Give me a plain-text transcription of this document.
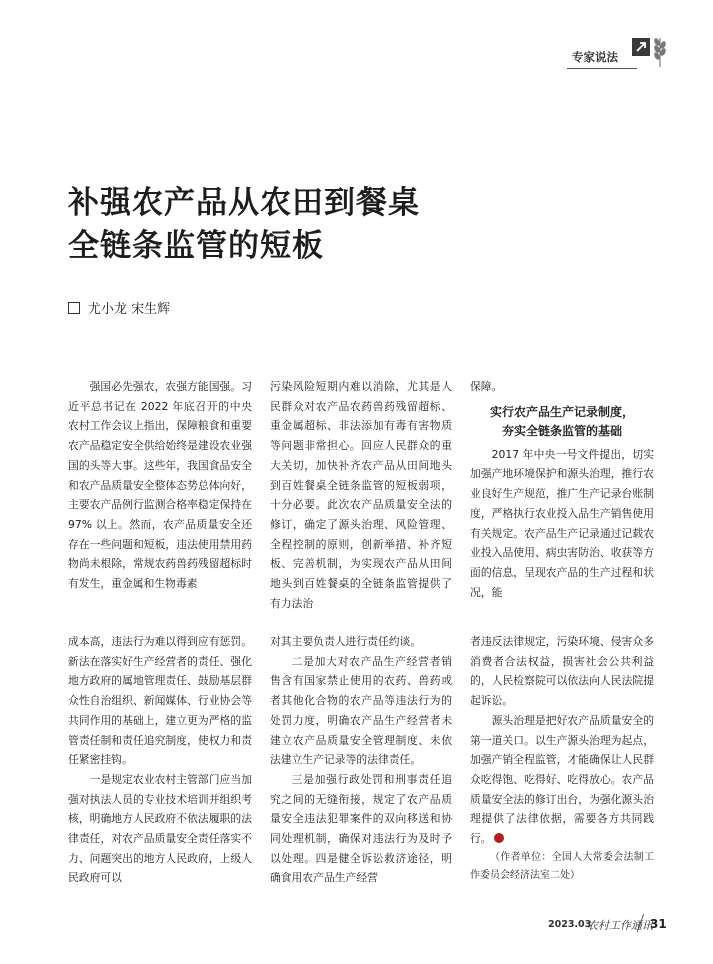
专家说法
补强农产品从农田到餐桌
全链条监管的短板
尤小龙 宋生辉

强国必先强农，农强方能国强。习近平总书记在 2022 年底召开的中央农村工作会议上指出，保障粮食和重要农产品稳定安全供给始终是建设农业强国的头等大事。这些年，我国食品安全和农产品质量安全整体态势总体向好，主要农产品例行监测合格率稳定保持在 97% 以上。然而，农产品质量安全还存在一些问题和短板，违法使用禁用药物尚未根除，常规农药兽药残留超标时有发生，重金属和生物毒素

污染风险短期内难以消除，尤其是人民群众对农产品农药兽药残留超标、重金属超标、非法添加有毒有害物质等问题非常担心。回应人民群众的重大关切，加快补齐农产品从田间地头到百姓餐桌全链条监管的短板弱项，十分必要。此次农产品质量安全法的修订，确定了源头治理、风险管理、全程控制的原则，创新举措、补齐短板、完善机制，为实现农产品从田间地头到百姓餐桌的全链条监管提供了有力法治

保障。

实行农产品生产记录制度，
夯实全链条监管的基础

2017 年中央一号文件提出，切实加强产地环境保护和源头治理，推行农业良好生产规范，推广生产记录台账制度，严格执行农业投入品生产销售使用有关规定。农产品生产记录通过记载农业投入品使用、病虫害防治、收获等方面的信息，呈现农产品的生产过程和状况，能

成本高，违法行为难以得到应有惩罚。新法在落实好生产经营者的责任、强化地方政府的属地管理责任、鼓励基层群众性自治组织、新闻媒体、行业协会等共同作用的基础上，建立更为严格的监管责任制和责任追究制度，使权力和责任紧密挂钩。

一是规定农业农村主管部门应当加强对执法人员的专业技术培训并组织考核，明确地方人民政府不依法履职的法律责任，对农产品质量安全责任落实不力、问题突出的地方人民政府，上级人民政府可以

对其主要负责人进行责任约谈。

二是加大对农产品生产经营者销售含有国家禁止使用的农药、兽药或者其他化合物的农产品等违法行为的处罚力度，明确农产品生产经营者未建立农产品质量安全管理制度、未依法建立生产记录等的法律责任。

三是加强行政处罚和刑事责任追究之间的无缝衔接，规定了农产品质量安全违法犯罪案件的双向移送和协同处理机制，确保对违法行为及时予以处理。四是健全诉讼救济途径，明确食用农产品生产经营

者违反法律规定，污染环境、侵害众多消费者合法权益，损害社会公共利益的，人民检察院可以依法向人民法院提起诉讼。

源头治理是把好农产品质量安全的第一道关口。以生产源头治理为起点，加强产销全程监管，才能确保让人民群众吃得饱、吃得好、吃得放心。农产品质量安全法的修订出台，为强化源头治理提供了法律依据，需要各方共同践行。

（作者单位：全国人大常委会法制工作委员会经济法室二处）

2023.03
农村工作通讯
31
